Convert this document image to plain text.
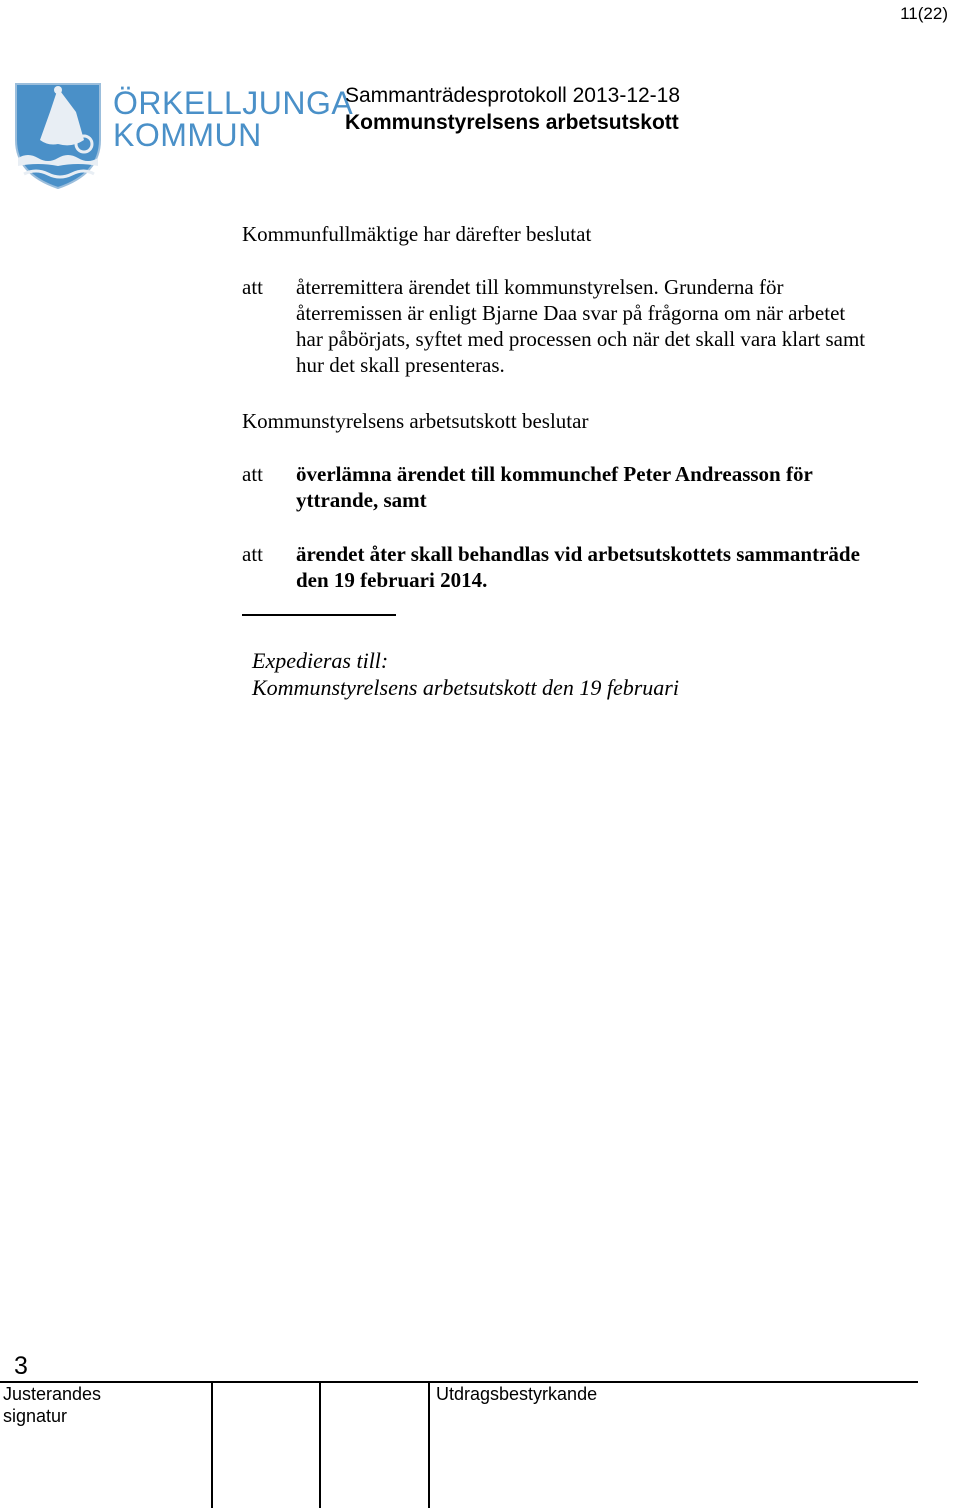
11(22)
ÖRKELLJUNGA
KOMMUN
Sammanträdesprotokoll 2013-12-18
Kommunstyrelsens arbetsutskott
Kommunfullmäktige har därefter beslutat
att återremittera ärendet till kommunstyrelsen. Grunderna för återremissen är enligt Bjarne Daa svar på frågorna om när arbetet har påbörjats, syftet med processen och när det skall vara klart samt hur det skall presenteras.
Kommunstyrelsens arbetsutskott beslutar
att överlämna ärendet till kommunchef Peter Andreasson för yttrande, samt
att ärendet åter skall behandlas vid arbetsutskottets sammanträde den 19 februari 2014.
Expedieras till:
Kommunstyrelsens arbetsutskott den 19 februari
3
Justerandes
signatur
Utdragsbestyrkande
